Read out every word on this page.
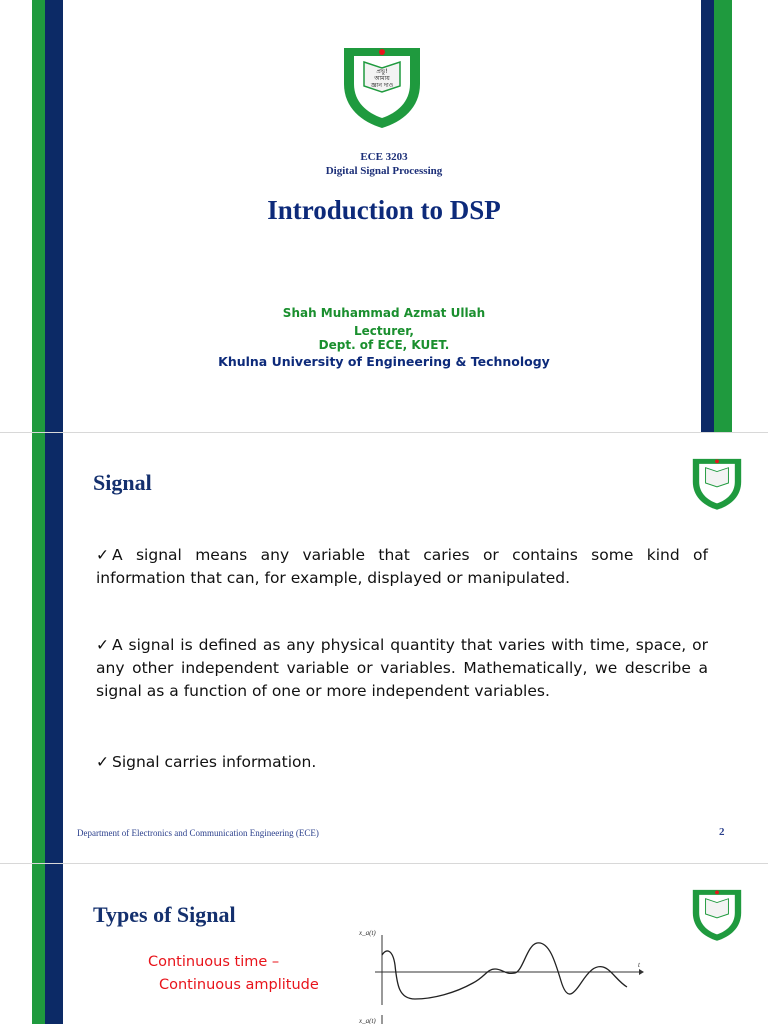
প্রভু!
আমায়
জ্ঞান দাও
ECE 3203
Digital Signal Processing
Introduction to DSP
Shah Muhammad Azmat Ullah
Lecturer,
Dept. of ECE, KUET.
Khulna University of Engineering & Technology
Signal
✓ A signal means any variable that caries or contains some kind of information that can, for example, displayed or manipulated.
✓ A signal is defined as any physical quantity that varies with time, space, or any other independent variable or variables. Mathematically, we describe a signal as a function of one or more independent variables.
✓ Signal carries information.
Department of Electronics and Communication Engineering (ECE)	2
Types of Signal
Continuous time –
Continuous amplitude
x_a(t)
t
x_a(t)
